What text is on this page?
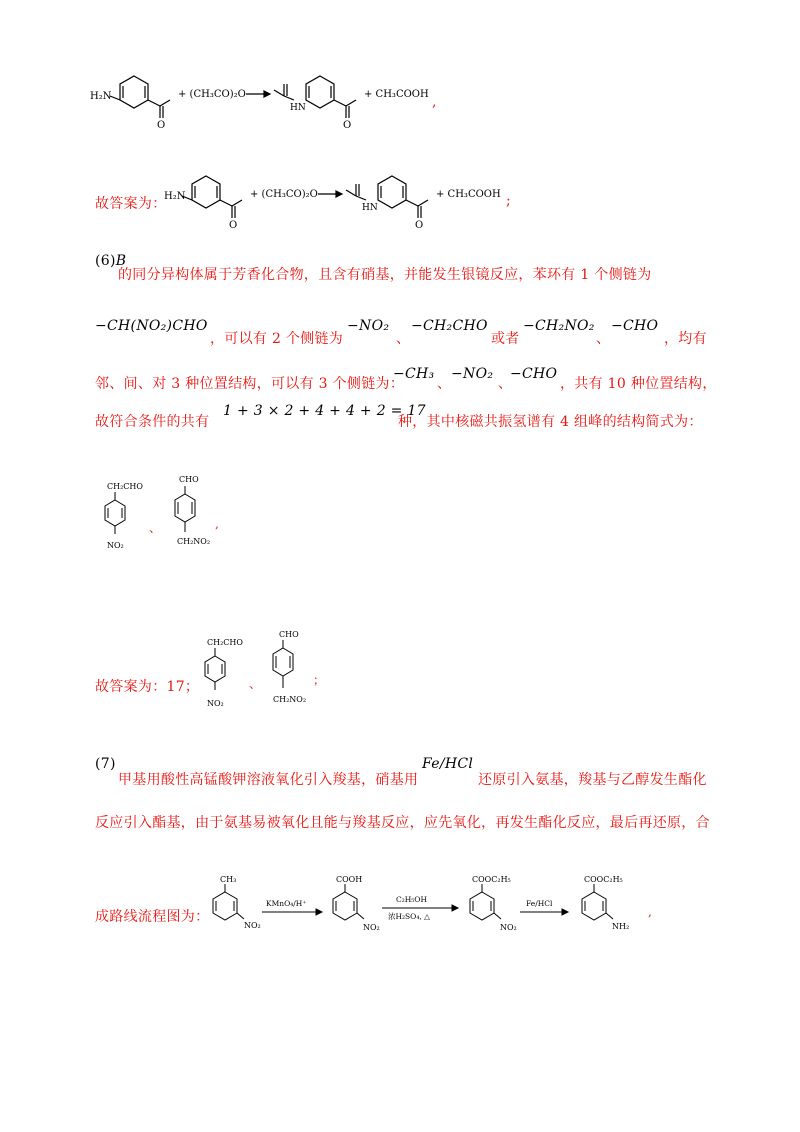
H₂N
O
+ (CH₃CO)₂O
HN
O
+ CH₃COOH ,
故答案为：
H₂N
O
+ (CH₃CO)₂O
HN
O
+ CH₃COOH ;
(6)B
的同分异构体属于芳香化合物，且含有硝基，并能发生银镜反应，苯环有 1 个侧链为
−CH(NO₂)CHO
，可以有 2 个侧链为
−NO₂
、
−CH₂CHO
或者
−CH₂NO₂
、
−CHO
，均有
邻、间、对 3 种位置结构，可以有 3 个侧链为：
−CH₃
、
−NO₂
、
−CHO
，共有 10 种位置结构，
故符合条件的共有
1 + 3 × 2 + 4 + 4 + 2 = 17
种，其中核磁共振氢谱有 4 组峰的结构简式为：
CH₂CHO
NO₂
、
CHO
CH₂NO₂
,
故答案为：17；
CH₂CHO
NO₂
、
CHO
CH₂NO₂
；
(7)
甲基用酸性高锰酸钾溶液氧化引入羧基，硝基用
Fe/HCl
还原引入氨基，羧基与乙醇发生酯化
反应引入酯基，由于氨基易被氧化且能与羧基反应，应先氧化，再发生酯化反应，最后再还原，合
成路线流程图为：
CH₃
NO₂
KMnO₄/H⁺
COOH
NO₂
C₂H₅OH
浓H₂SO₄, △
COOC₂H₅
NO₂
Fe/HCl
COOC₂H₅
NH₂
,
